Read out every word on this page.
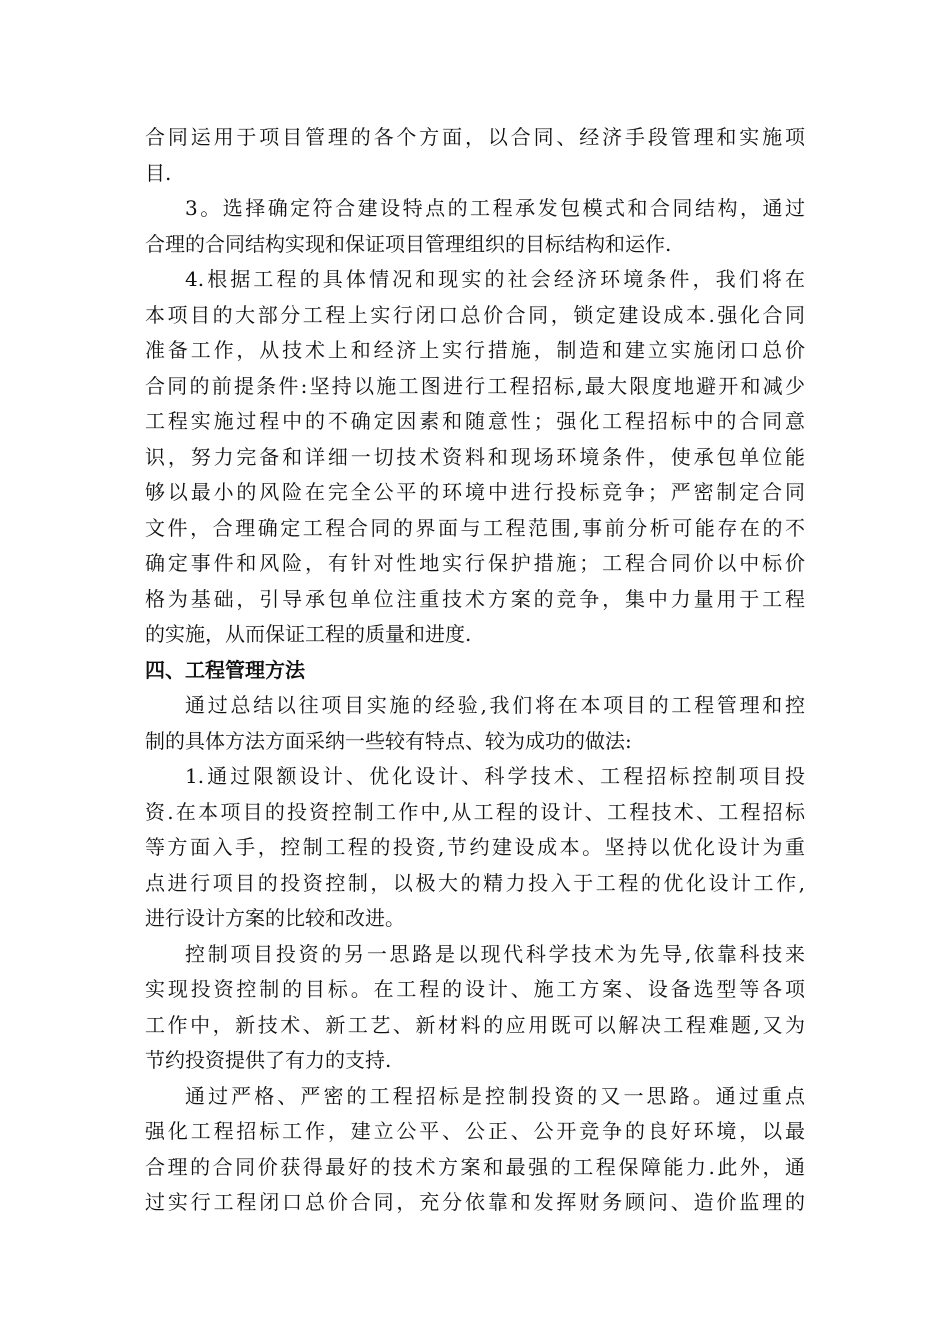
合同运用于项目管理的各个方面，以合同、经济手段管理和实施项
目.
3。选择确定符合建设特点的工程承发包模式和合同结构，通过
合理的合同结构实现和保证项目管理组织的目标结构和运作.
4.根据工程的具体情况和现实的社会经济环境条件，我们将在
本项目的大部分工程上实行闭口总价合同，锁定建设成本.强化合同
准备工作，从技术上和经济上实行措施，制造和建立实施闭口总价
合同的前提条件:坚持以施工图进行工程招标,最大限度地避开和减少
工程实施过程中的不确定因素和随意性；强化工程招标中的合同意
识，努力完备和详细一切技术资料和现场环境条件，使承包单位能
够以最小的风险在完全公平的环境中进行投标竞争；严密制定合同
文件，合理确定工程合同的界面与工程范围,事前分析可能存在的不
确定事件和风险，有针对性地实行保护措施；工程合同价以中标价
格为基础，引导承包单位注重技术方案的竞争，集中力量用于工程
的实施，从而保证工程的质量和进度.
四、工程管理方法
通过总结以往项目实施的经验,我们将在本项目的工程管理和控
制的具体方法方面采纳一些较有特点、较为成功的做法:
1.通过限额设计、优化设计、科学技术、工程招标控制项目投
资.在本项目的投资控制工作中,从工程的设计、工程技术、工程招标
等方面入手，控制工程的投资,节约建设成本。坚持以优化设计为重
点进行项目的投资控制，以极大的精力投入于工程的优化设计工作,
进行设计方案的比较和改进。
控制项目投资的另一思路是以现代科学技术为先导,依靠科技来
实现投资控制的目标。在工程的设计、施工方案、设备选型等各项
工作中，新技术、新工艺、新材料的应用既可以解决工程难题,又为
节约投资提供了有力的支持.
通过严格、严密的工程招标是控制投资的又一思路。通过重点
强化工程招标工作，建立公平、公正、公开竞争的良好环境，以最
合理的合同价获得最好的技术方案和最强的工程保障能力.此外，通
过实行工程闭口总价合同，充分依靠和发挥财务顾问、造价监理的
